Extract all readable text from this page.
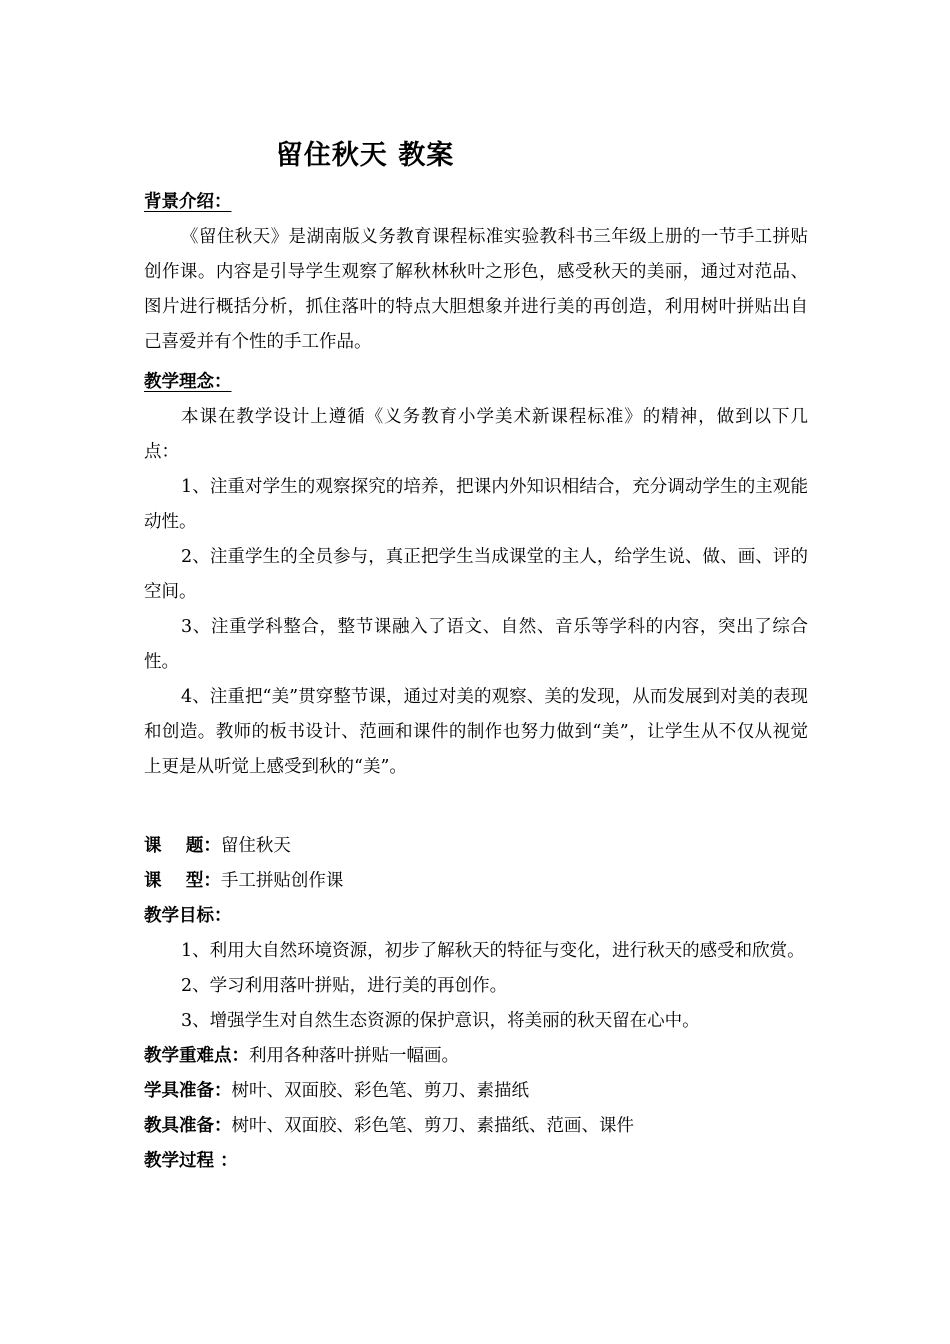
留住秋天 教案

背景介绍：

《留住秋天》是湖南版义务教育课程标准实验教科书三年级上册的一节手工拼贴创作课。内容是引导学生观察了解秋林秋叶之形色，感受秋天的美丽，通过对范品、图片进行概括分析，抓住落叶的特点大胆想象并进行美的再创造，利用树叶拼贴出自己喜爱并有个性的手工作品。

教学理念：

本课在教学设计上遵循《义务教育小学美术新课程标准》的精神，做到以下几点：

1、注重对学生的观察探究的培养，把课内外知识相结合，充分调动学生的主观能动性。

2、注重学生的全员参与，真正把学生当成课堂的主人，给学生说、做、画、评的空间。

3、注重学科整合，整节课融入了语文、自然、音乐等学科的内容，突出了综合性。

4、注重把“美”贯穿整节课，通过对美的观察、美的发现，从而发展到对美的表现和创造。教师的板书设计、范画和课件的制作也努力做到“美”，让学生从不仅从视觉上更是从听觉上感受到秋的“美”。

课    题： 留住秋天
课    型： 手工拼贴创作课

教学目标：

1、利用大自然环境资源，初步了解秋天的特征与变化，进行秋天的感受和欣赏。

2、学习利用落叶拼贴，进行美的再创作。

3、增强学生对自然生态资源的保护意识，将美丽的秋天留在心中。

教学重难点： 利用各种落叶拼贴一幅画。
学具准备： 树叶、双面胶、彩色笔、剪刀、素描纸
教具准备： 树叶、双面胶、彩色笔、剪刀、素描纸、范画、课件

教学过程 ：
